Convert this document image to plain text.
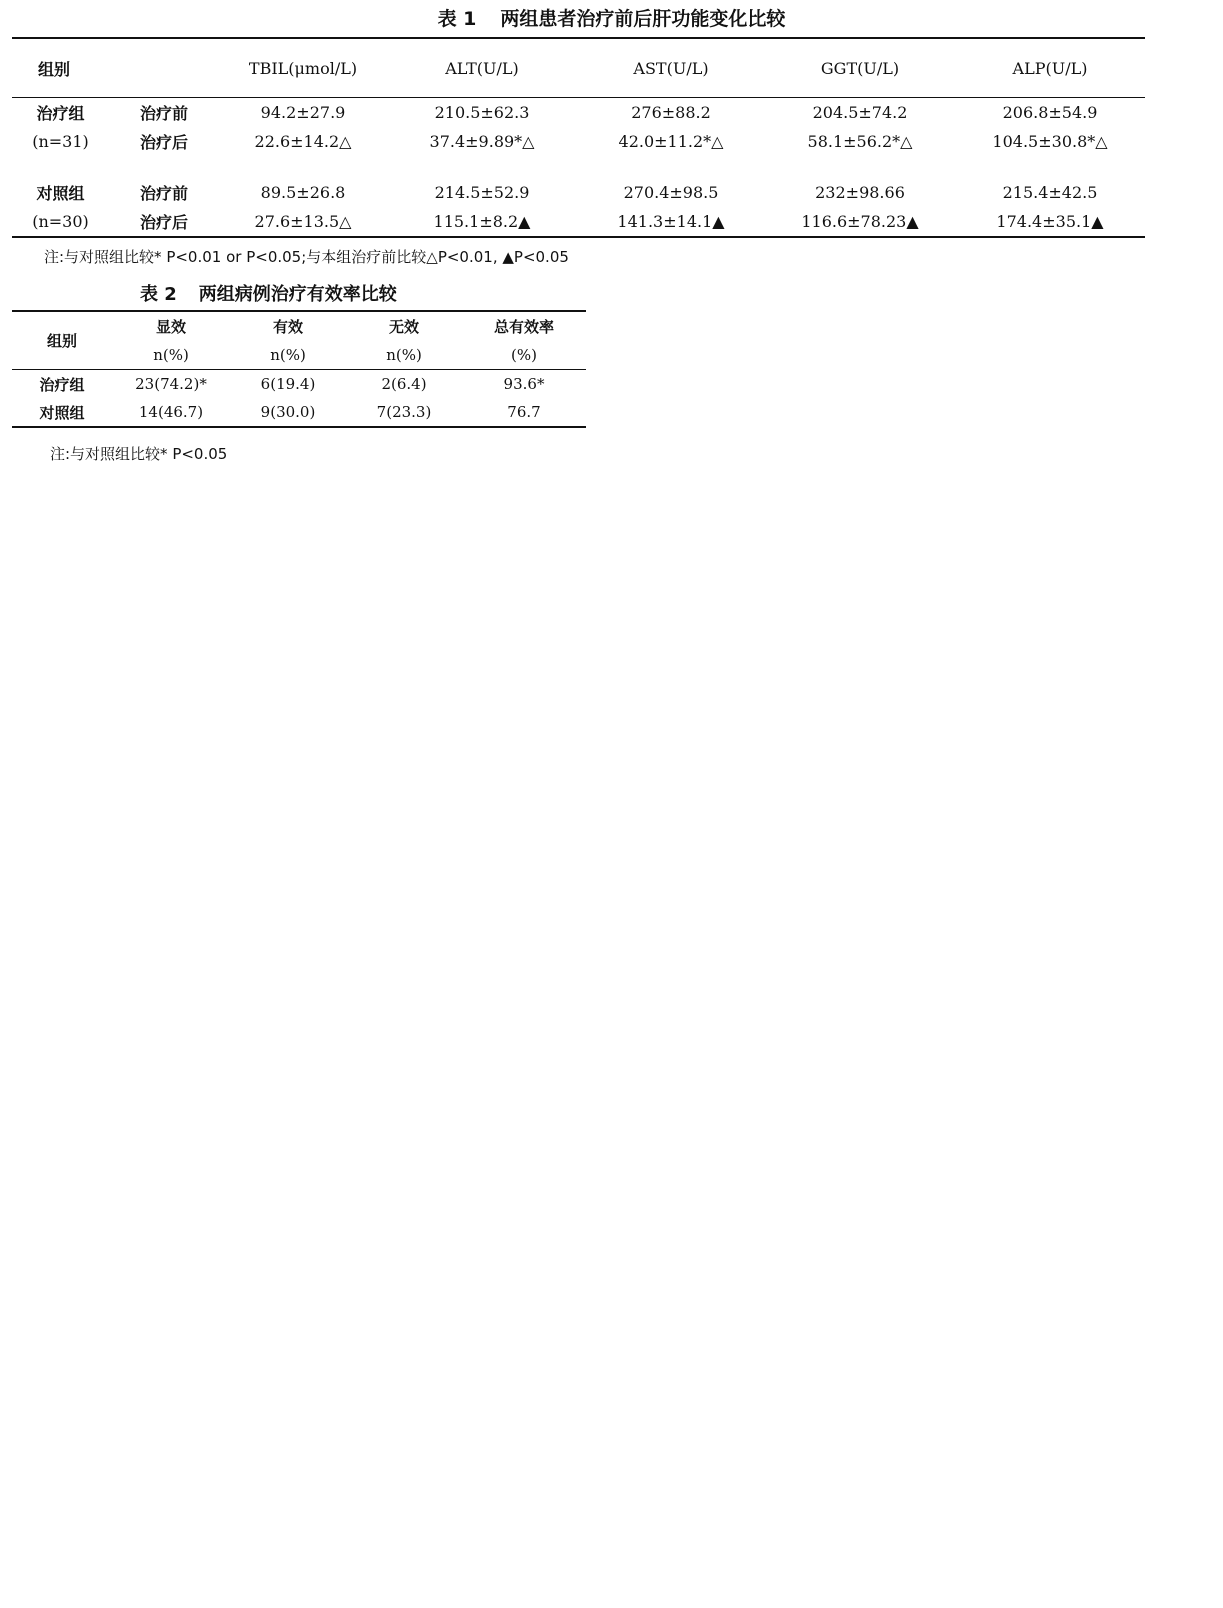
表 1 两组患者治疗前后肝功能变化比较
组别		TBIL(μmol/L)	ALT(U/L)	AST(U/L)	GGT(U/L)	ALP(U/L)
治疗组	治疗前	94.2±27.9	210.5±62.3	276±88.2	204.5±74.2	206.8±54.9
(n=31)	治疗后	22.6±14.2△	37.4±9.89*△	42.0±11.2*△	58.1±56.2*△	104.5±30.8*△

对照组	治疗前	89.5±26.8	214.5±52.9	270.4±98.5	232±98.66	215.4±42.5
(n=30)	治疗后	27.6±13.5△	115.1±8.2▲	141.3±14.1▲	116.6±78.23▲	174.4±35.1▲
注:与对照组比较* P<0.01 or P<0.05;与本组治疗前比较△P<0.01, ▲P<0.05
表 2 两组病例治疗有效率比较
组别	显效	有效	无效	总有效率
	n(%)	n(%)	n(%)	(%)
治疗组	23(74.2)*	6(19.4)	2(6.4)	93.6*
对照组	14(46.7)	9(30.0)	7(23.3)	76.7
注:与对照组比较* P<0.05
